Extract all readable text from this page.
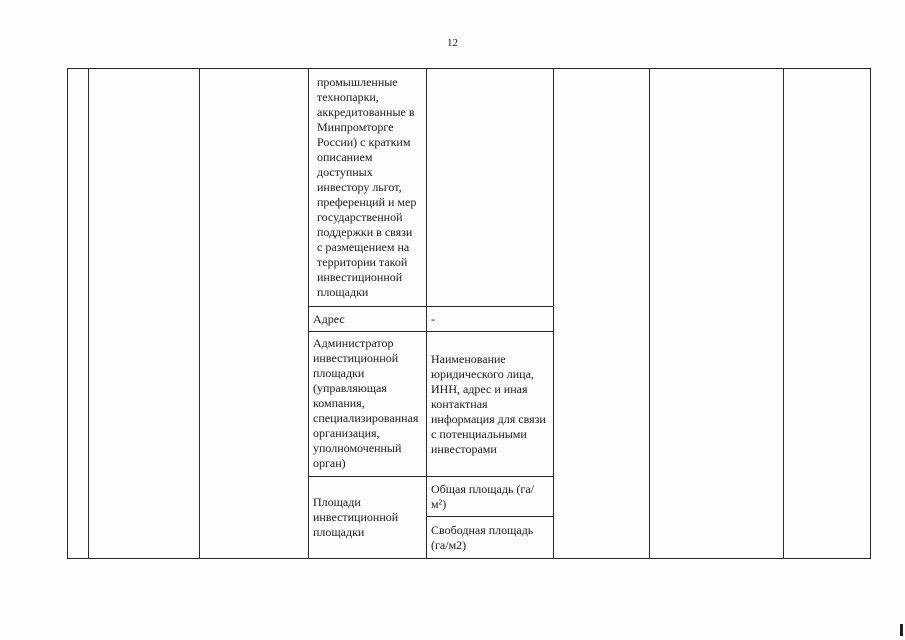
12

			промышленные технопарки, аккредитованные в Минпромторге России) с кратким описанием доступных инвестору льгот, преференций и мер государственной поддержки в связи с размещением на территории такой инвестиционной площадки				

			Адрес	-			

			Администратор инвестиционной площадки (управляющая компания, специализированная организация, уполномоченный орган)	Наименование юридического лица, ИНН, адрес и иная контактная информация для связи с потенциальными инвесторами			

			Площади инвестиционной площадки	Общая площадь (га/м²)			

				Свободная площадь (га/м2)			
